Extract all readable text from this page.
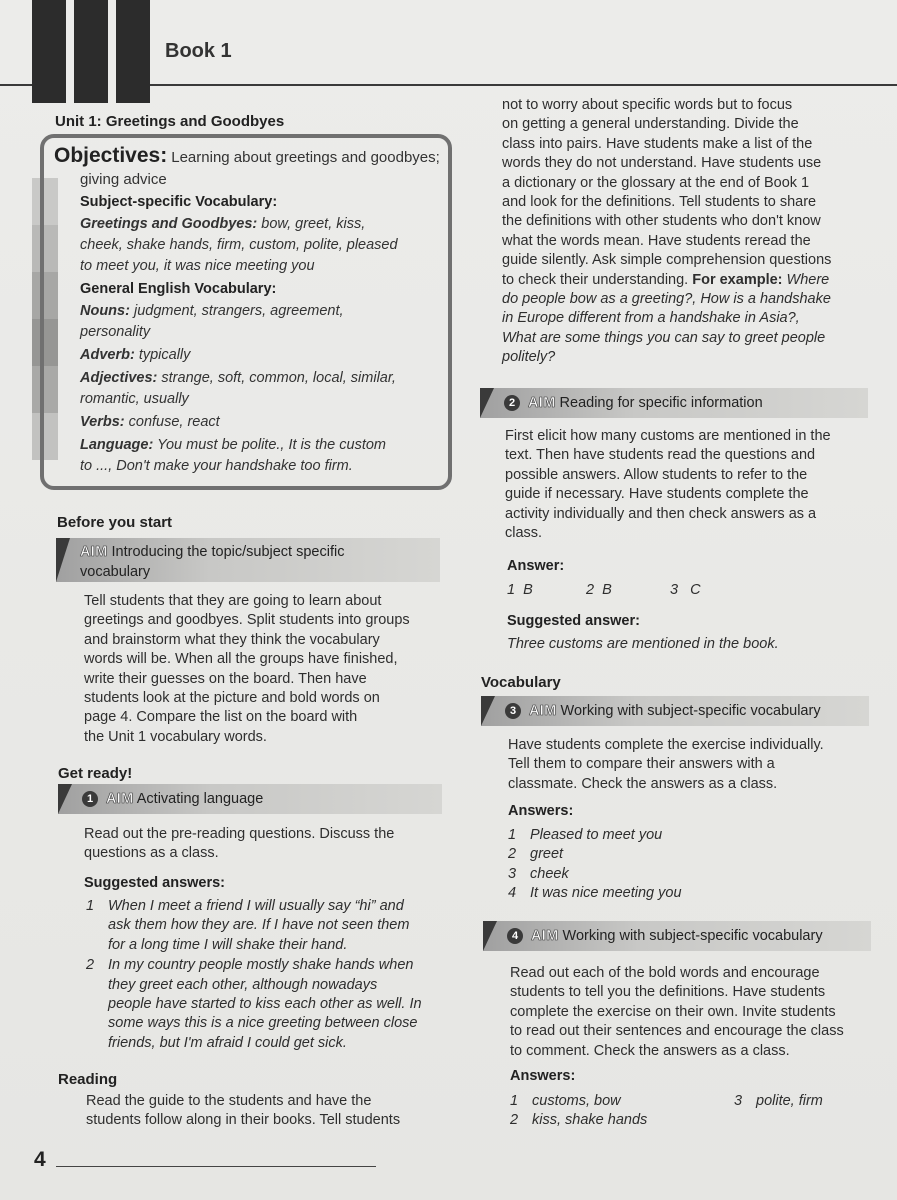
Book 1
Unit 1: Greetings and Goodbyes
Objectives: Learning about greetings and goodbyes;
giving advice
Subject-specific Vocabulary:
Greetings and Goodbyes: bow, greet, kiss,
cheek, shake hands, firm, custom, polite, pleased
to meet you, it was nice meeting you
General English Vocabulary:
Nouns: judgment, strangers, agreement,
personality
Adverb: typically
Adjectives: strange, soft, common, local, similar,
romantic, usually
Verbs: confuse, react
Language: You must be polite., It is the custom
to ..., Don't make your handshake too firm.
Before you start
AIM Introducing the topic/subject specific
vocabulary
Tell students that they are going to learn about
greetings and goodbyes. Split students into groups
and brainstorm what they think the vocabulary
words will be. When all the groups have finished,
write their guesses on the board. Then have
students look at the picture and bold words on
page 4. Compare the list on the board with
the Unit 1 vocabulary words.
Get ready!
1 AIM Activating language
Read out the pre-reading questions. Discuss the
questions as a class.
Suggested answers:
1 When I meet a friend I will usually say “hi” and
ask them how they are. If I have not seen them
for a long time I will shake their hand.
2 In my country people mostly shake hands when
they greet each other, although nowadays
people have started to kiss each other as well. In
some ways this is a nice greeting between close
friends, but I'm afraid I could get sick.
Reading
Read the guide to the students and have the
students follow along in their books. Tell students
not to worry about specific words but to focus
on getting a general understanding. Divide the
class into pairs. Have students make a list of the
words they do not understand. Have students use
a dictionary or the glossary at the end of Book 1
and look for the definitions. Tell students to share
the definitions with other students who don't know
what the words mean. Have students reread the
guide silently. Ask simple comprehension questions
to check their understanding. For example: Where
do people bow as a greeting?, How is a handshake
in Europe different from a handshake in Asia?,
What are some things you can say to greet people
politely?
2 AIM Reading for specific information
First elicit how many customs are mentioned in the
text. Then have students read the questions and
possible answers. Allow students to refer to the
guide if necessary. Have students complete the
activity individually and then check answers as a
class.
Answer:
1 B	2 B	3 C
Suggested answer:
Three customs are mentioned in the book.
Vocabulary
3 AIM Working with subject-specific vocabulary
Have students complete the exercise individually.
Tell them to compare their answers with a
classmate. Check the answers as a class.
Answers:
1 Pleased to meet you
2 greet
3 cheek
4 It was nice meeting you
4 AIM Working with subject-specific vocabulary
Read out each of the bold words and encourage
students to tell you the definitions. Have students
complete the exercise on their own. Invite students
to read out their sentences and encourage the class
to comment. Check the answers as a class.
Answers:
1 customs, bow
2 kiss, shake hands
3 polite, firm
4
